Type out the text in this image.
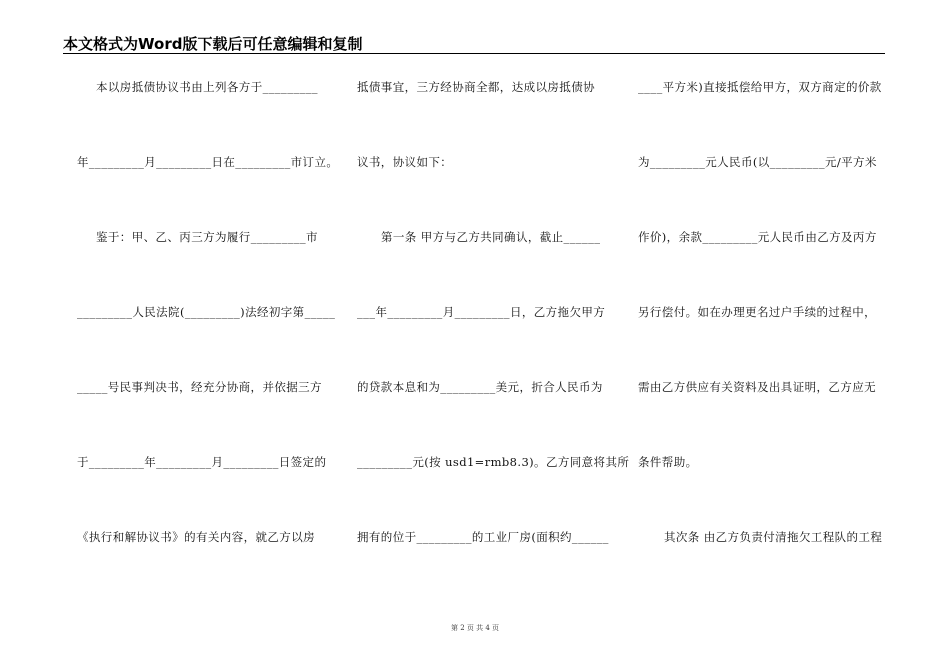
本文格式为Word版下载后可任意编辑和复制
本以房抵债协议书由上列各方于_________
年_________月_________日在_________市订立。
鉴于：甲、乙、丙三方为履行_________市
_________人民法院(_________)法经初字第_____
_____号民事判决书，经充分协商，并依据三方
于_________年_________月_________日签定的
《执行和解协议书》的有关内容，就乙方以房
抵债事宜，三方经协商全都，达成以房抵债协
议书，协议如下：
第一条 甲方与乙方共同确认，截止______
___年_________月_________日，乙方拖欠甲方
的贷款本息和为_________美元，折合人民币为
_________元(按 usd1=rmb8.3)。乙方同意将其所
拥有的位于_________的工业厂房(面积约______
____平方米)直接抵偿给甲方，双方商定的价款
为_________元人民币(以_________元/平方米
作价)，余款_________元人民币由乙方及丙方
另行偿付。如在办理更名过户手续的过程中，
需由乙方供应有关资料及出具证明，乙方应无
条件帮助。
其次条 由乙方负责付清拖欠工程队的工程
第 2 页 共 4 页
